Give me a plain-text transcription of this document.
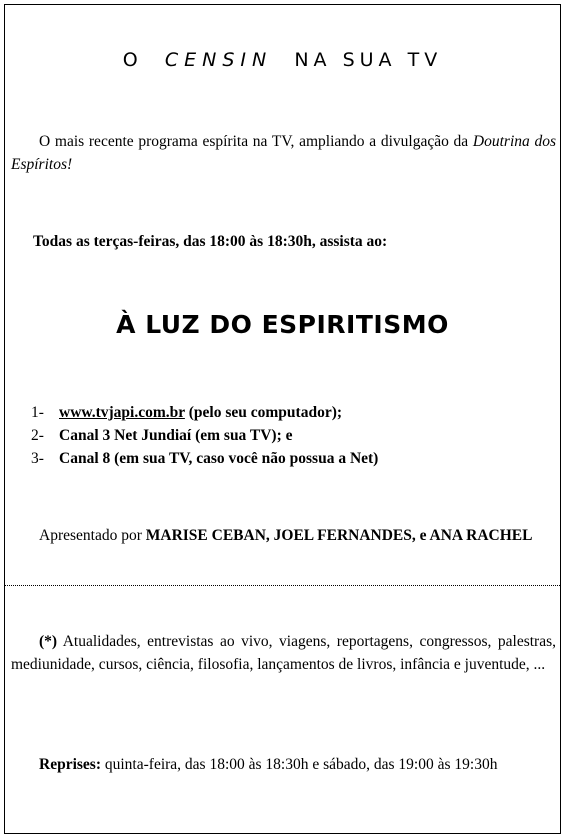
O CENSIN NA SUA TV
O mais recente programa espírita na TV, ampliando a divulgação da Doutrina dos Espíritos!
Todas as terças-feiras, das 18:00 às 18:30h, assista ao:
À LUZ DO ESPIRITISMO
1- www.tvjapi.com.br (pelo seu computador);
2- Canal 3 Net Jundiaí (em sua TV); e
3- Canal 8 (em sua TV, caso você não possua a Net)
Apresentado por MARISE CEBAN, JOEL FERNANDES, e ANA RACHEL
(*) Atualidades, entrevistas ao vivo, viagens, reportagens, congressos, palestras, mediunidade, cursos, ciência, filosofia, lançamentos de livros, infância e juventude, ...
Reprises: quinta-feira, das 18:00 às 18:30h e sábado, das 19:00 às 19:30h
